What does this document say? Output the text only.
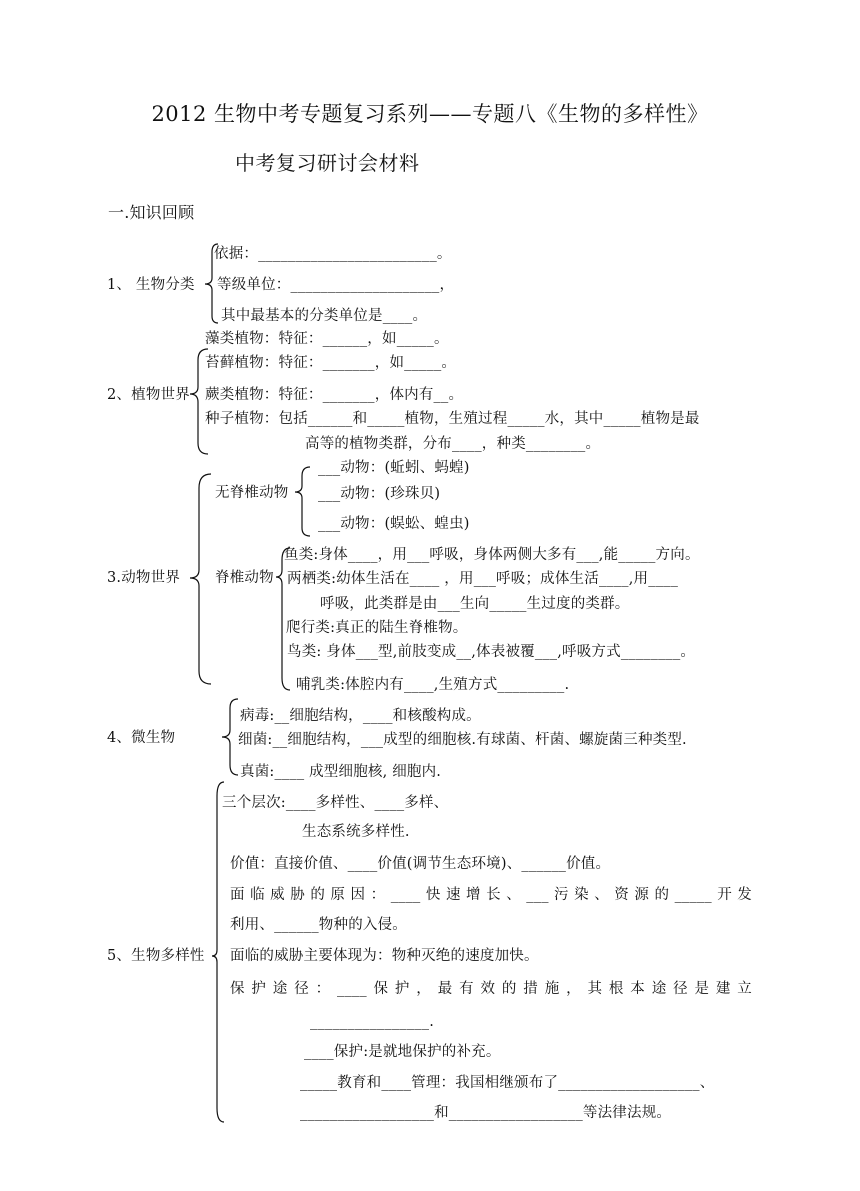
2012 生物中考专题复习系列——专题八《生物的多样性》
中考复习研讨会材料
一.知识回顾
1、 生物分类
依据：________________________。
等级单位：____________________，
其中最基本的分类单位是____。
2、植物世界
藻类植物：特征：______，如_____。
苔藓植物：特征：_______，如_____。
蕨类植物：特征：_______，体内有__。
种子植物：包括______和_____植物，生殖过程_____水，其中_____植物是最
高等的植物类群，分布____，种类________。
3.动物世界
无脊椎动物
___动物：(蚯蚓、蚂蝗)
___动物：(珍珠贝)
___动物：(蜈蚣、蝗虫)
脊椎动物
鱼类:身体____，用___呼吸，身体两侧大多有___,能_____方向。
两栖类:幼体生活在____ ，用___呼吸；成体生活____,用____
呼吸，此类群是由___生向_____生过度的类群。
爬行类:真正的陆生脊椎物。
鸟类: 身体___型,前肢变成__,体表被覆___,呼吸方式________。
哺乳类:体腔内有____,生殖方式_________.
4、微生物
病毒:__细胞结构，____和核酸构成。
细菌:__细胞结构，___成型的细胞核.有球菌、杆菌、螺旋菌三种类型.
真菌:____ 成型细胞核, 细胞内.
5、生物多样性
三个层次:____多样性、____多样、
生态系统多样性.
价值：直接价值、____价值(调节生态环境)、______价值。
面临威胁的原因：____快速增长、___污染、资源的_____开发
利用、______物种的入侵。
面临的威胁主要体现为：物种灭绝的速度加快。
保护途径：____保护，最有效的措施，其根本途径是建立
________________.
____保护:是就地保护的补充。
_____教育和____管理：我国相继颁布了___________________、
__________________和__________________等法律法规。
